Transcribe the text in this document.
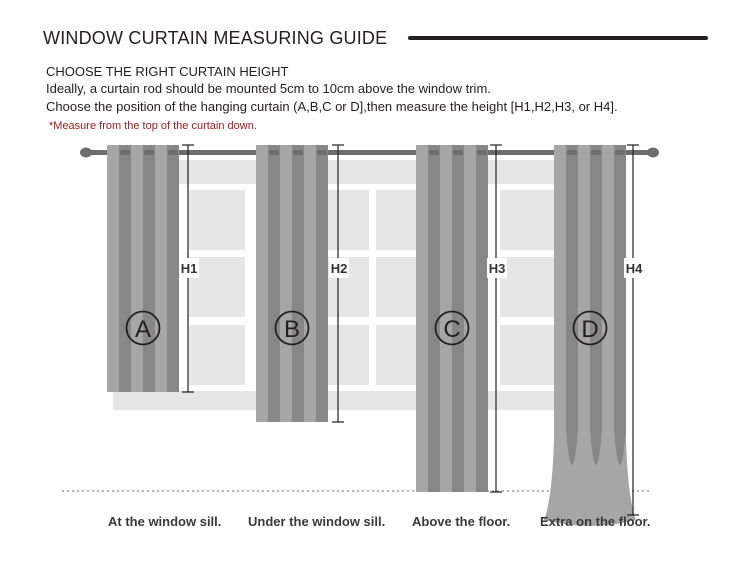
WINDOW CURTAIN MEASURING GUIDE
CHOOSE THE RIGHT CURTAIN HEIGHT
Ideally, a curtain rod should be mounted 5cm to 10cm above the window trim.
Choose the position of the hanging curtain (A,B,C or D],then measure the height [H1,H2,H3, or H4].
*Measure from the top of the curtain down.
H1
A
H2
B
H3
C
H4
D
At the window sill. Under the window sill. Above the floor. Extra on the floor.
